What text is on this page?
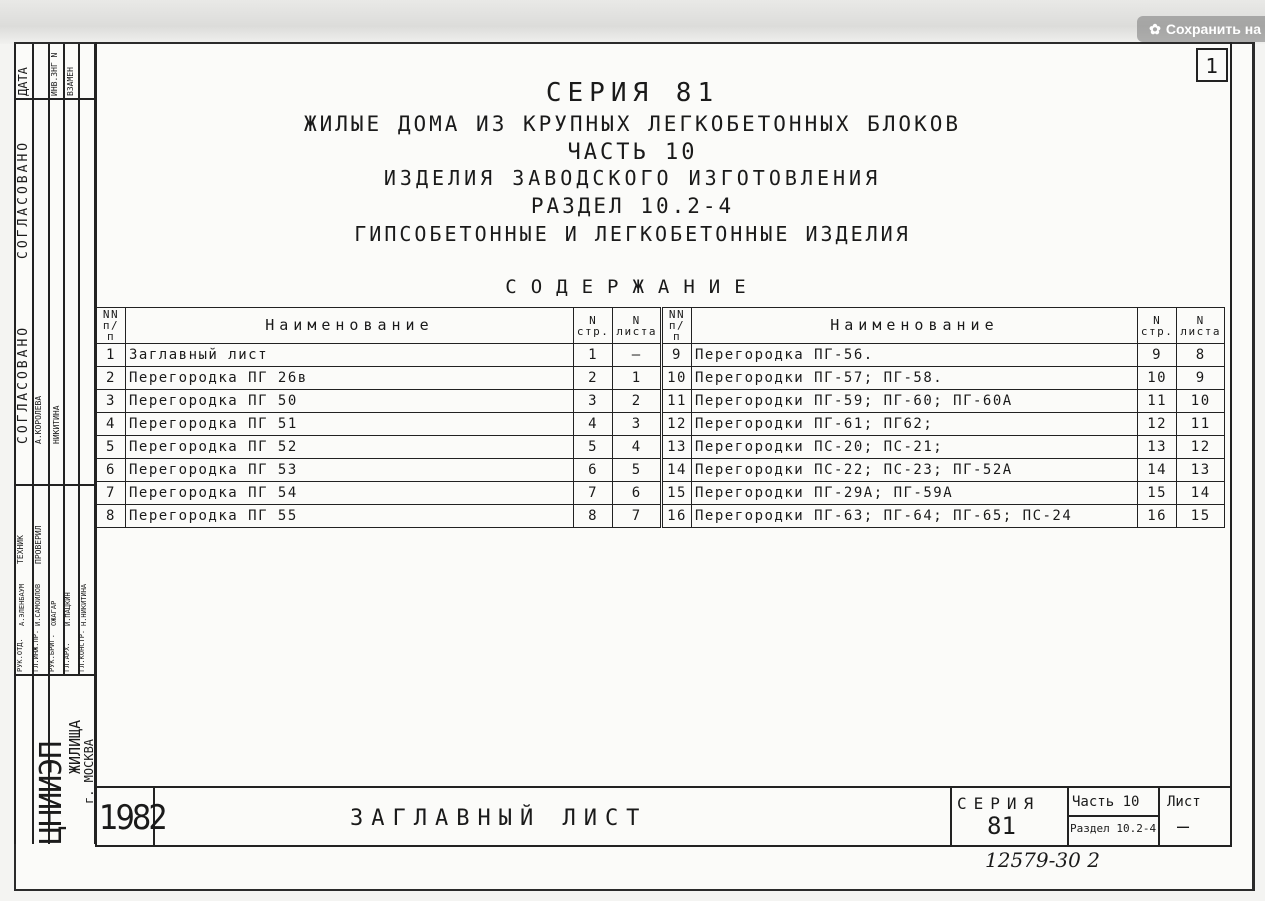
✿ Сохранить на
1
СЕРИЯ 81
ЖИЛЫЕ ДОМА ИЗ КРУПНЫХ ЛЕГКОБЕТОННЫХ БЛОКОВ
ЧАСТЬ 10
ИЗДЕЛИЯ ЗАВОДСКОГО ИЗГОТОВЛЕНИЯ
РАЗДЕЛ 10.2-4
ГИПСОБЕТОННЫЕ И ЛЕГКОБЕТОННЫЕ ИЗДЕЛИЯ
СОДЕРЖАНИЕ
NN п/п	Наименование	N стр.	N листа
1	Заглавный лист	1	—
2	Перегородка ПГ 26в	2	1
3	Перегородка ПГ 50	3	2
4	Перегородка ПГ 51	4	3
5	Перегородка ПГ 52	5	4
6	Перегородка ПГ 53	6	5
7	Перегородка ПГ 54	7	6
8	Перегородка ПГ 55	8	7
NN п/п	Наименование	N стр.	N листа
9	Перегородка ПГ-56.	9	8
10	Перегородки ПГ-57; ПГ-58.	10	9
11	Перегородки ПГ-59; ПГ-60; ПГ-60А	11	10
12	Перегородки ПГ-61; ПГ62;	12	11
13	Перегородки ПС-20; ПС-21;	13	12
14	Перегородки ПС-22; ПС-23; ПГ-52А	14	13
15	Перегородки ПГ-29А; ПГ-59А	15	14
16	Перегородки ПГ-63; ПГ-64; ПГ-65; ПС-24	16	15
ДАТА	ИНВ.ЗНГ N ВЗАМЕН
СОГЛАСОВАНО
СОГЛАСОВАНО А.КОРОЛЕВА НИКИТИНА
ПРОВЕРИЛ
ТЕХНИК
РУК.ОТД. ГЛ.ИНЖ.ПР. РУК.БРИГ. ГЛ.АРХ. ГЛ.КОНСТР.
А.ЭЛЕНБАУМ И.САМОЙЛОВ ОЖАГАР И.ПАЦКИН Н.НИКИТИНА
ЦНИИЭП
ЖИЛИЩА
г. МОСКВА
1982	ЗАГЛАВНЫЙ ЛИСТ
СЕРИЯ
81
Часть 10
Раздел 10.2-4
Лист
—
12579-30 2
